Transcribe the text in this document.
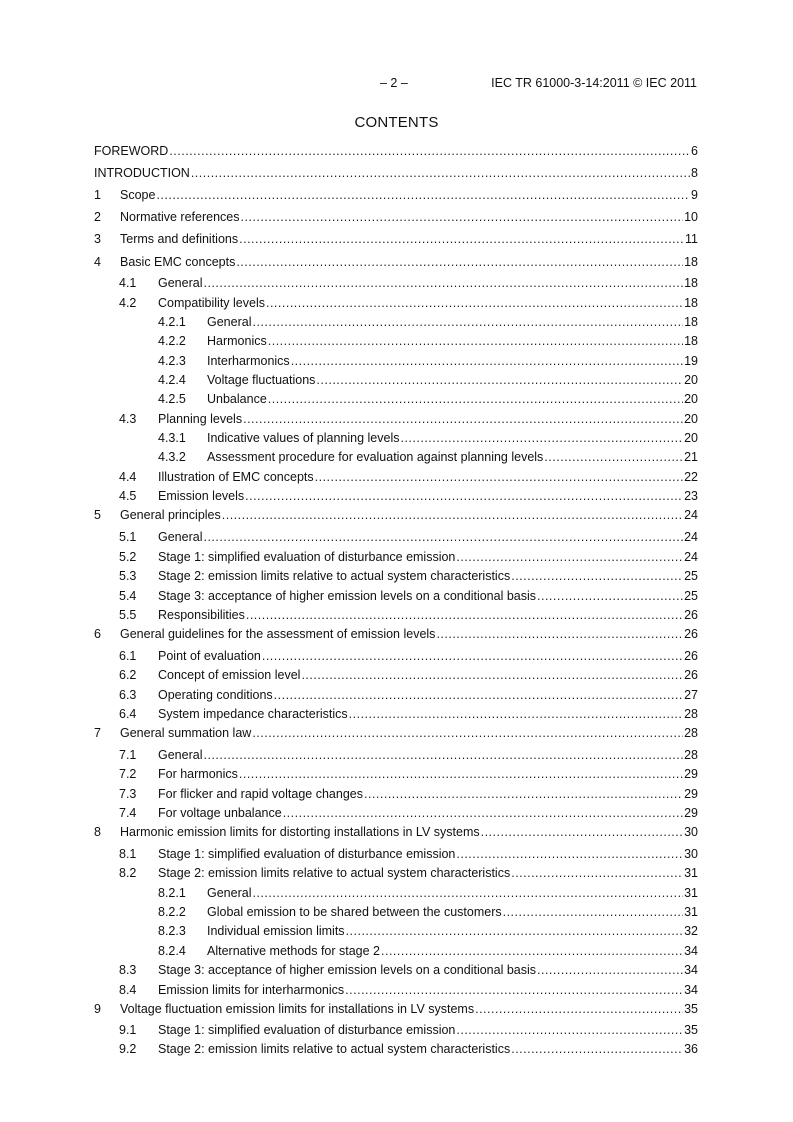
– 2 –	IEC TR 61000-3-14:2011 © IEC 2011
CONTENTS
FOREWORD .....	6
INTRODUCTION .....	8
1	Scope .....	9
2	Normative references .....	10
3	Terms and definitions .....	11
4	Basic EMC concepts .....	18
4.1	General .....	18
4.2	Compatibility levels .....	18
4.2.1	General .....	18
4.2.2	Harmonics .....	18
4.2.3	Interharmonics .....	19
4.2.4	Voltage fluctuations .....	20
4.2.5	Unbalance .....	20
4.3	Planning levels .....	20
4.3.1	Indicative values of planning levels .....	20
4.3.2	Assessment procedure for evaluation against planning levels .....	21
4.4	Illustration of EMC concepts .....	22
4.5	Emission levels .....	23
5	General principles .....	24
5.1	General .....	24
5.2	Stage 1: simplified evaluation of disturbance emission .....	24
5.3	Stage 2: emission limits relative to actual system characteristics .....	25
5.4	Stage 3: acceptance of higher emission levels on a conditional basis .....	25
5.5	Responsibilities .....	26
6	General guidelines for the assessment of emission levels .....	26
6.1	Point of evaluation .....	26
6.2	Concept of emission level .....	26
6.3	Operating conditions .....	27
6.4	System impedance characteristics .....	28
7	General summation law .....	28
7.1	General .....	28
7.2	For harmonics .....	29
7.3	For flicker and rapid voltage changes .....	29
7.4	For voltage unbalance .....	29
8	Harmonic emission limits for distorting installations in LV systems .....	30
8.1	Stage 1: simplified evaluation of disturbance emission .....	30
8.2	Stage 2: emission limits relative to actual system characteristics .....	31
8.2.1	General .....	31
8.2.2	Global emission to be shared between the customers .....	31
8.2.3	Individual emission limits .....	32
8.2.4	Alternative methods for stage 2 .....	34
8.3	Stage 3: acceptance of higher emission levels on a conditional basis .....	34
8.4	Emission limits for interharmonics .....	34
9	Voltage fluctuation emission limits for installations in LV systems .....	35
9.1	Stage 1: simplified evaluation of disturbance emission .....	35
9.2	Stage 2: emission limits relative to actual system characteristics .....	36
